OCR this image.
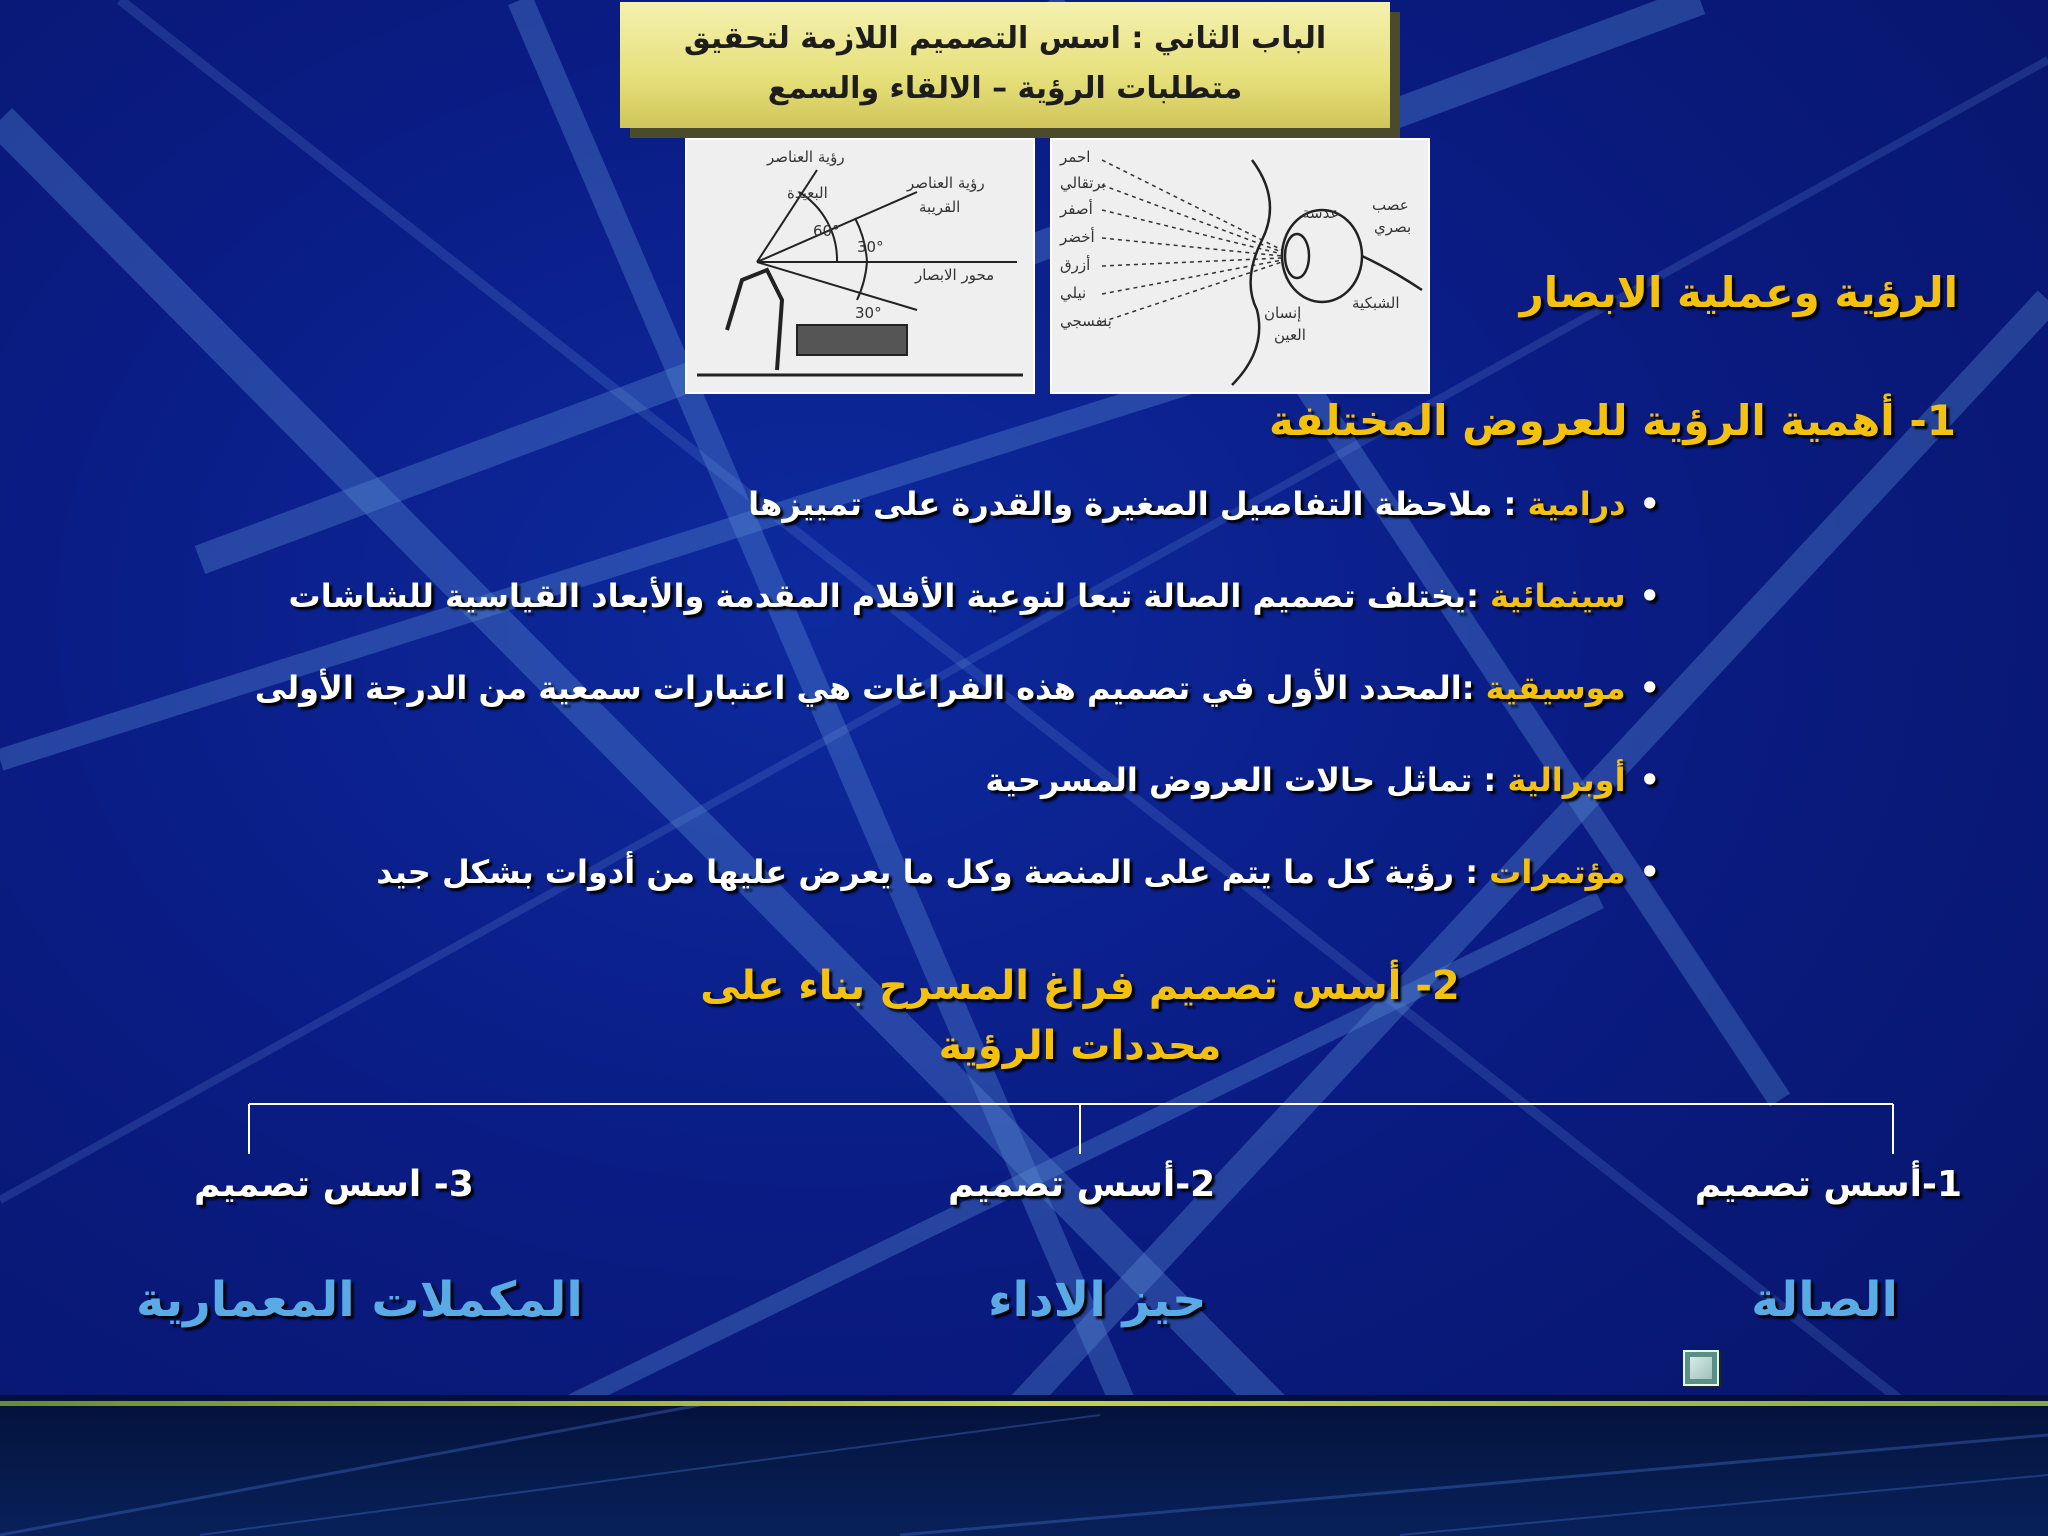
الباب الثاني : اسس التصميم اللازمة لتحقيق
متطلبات الرؤية – الالقاء والسمع
رؤية العناصر
البعيدة
رؤية العناصر
القريبة
60°
30°
30°
محور الابصار
احمر
برتقالي
أصفر
أخضر
أزرق
نيلي
بنفسجي
عدسة عصب
بصري
إنسان
العين
الشبكية	الرؤية وعملية الابصار
1- أهمية الرؤية للعروض المختلفة
•درامية : ملاحظة التفاصيل الصغيرة والقدرة على تمييزها
•سينمائية :يختلف تصميم الصالة تبعا لنوعية الأفلام المقدمة والأبعاد القياسية للشاشات
•موسيقية :المحدد الأول في تصميم هذه الفراغات هي اعتبارات سمعية من الدرجة الأولى
•أوبرالية : تماثل حالات العروض المسرحية
•مؤتمرات : رؤية كل ما يتم على المنصة وكل ما يعرض عليها من أدوات بشكل جيد
2- أسس تصميم فراغ المسرح بناء على محددات الرؤية
1-أسس تصميم
2-أسس تصميم
3- اسس تصميم
الصالة
حيز الاداء
المكملات المعمارية
